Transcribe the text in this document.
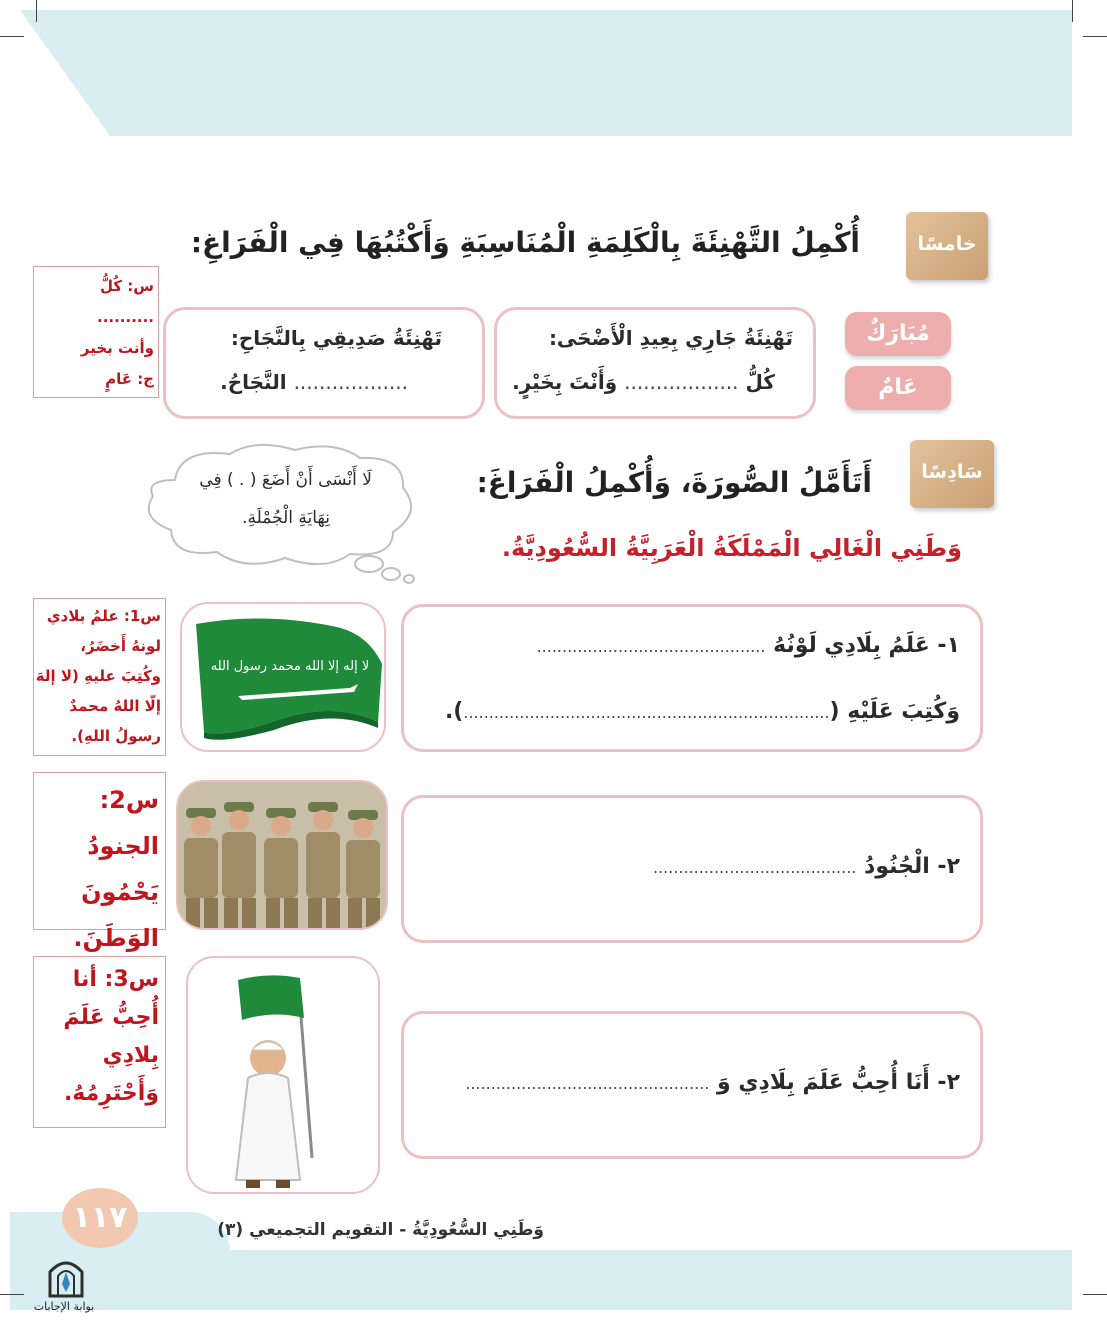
خامسًا
أُكْمِلُ التَّهْنِئَةَ بِالْكَلِمَةِ الْمُنَاسِبَةِ وَأَكْتُبُهَا فِي الْفَرَاغِ:
مُبَارَكٌ
عَامٌ
تَهْنِئَةُ جَارِي بِعِيدِ الْأَضْحَى:
كُلُّ .................. وَأَنْتَ بِخَيْرٍ.
تَهْنِئَةُ صَدِيقِي بِالنَّجَاحِ:
.................. النَّجَاحُ.
س: كُلُّ
..........
وأنت بخير
ج: عَامٍ
سَادِسًا
أَتَأَمَّلُ الصُّورَةَ، وَأُكْمِلُ الْفَرَاغَ:
لَا أَنْسَى أَنْ أَضَعَ ( . ) فِي
نِهَايَةِ الْجُمْلَةِ.
وَطَنِي الْغَالِي الْمَمْلَكَةُ الْعَرَبِيَّةُ السُّعُودِيَّةُ.
١- عَلَمُ بِلَادِي لَوْنُهُ .............................................
وَكُتِبَ عَلَيْهِ (........................................................................).
٢- الْجُنُودُ ........................................
٢- أَنَا أُحِبُّ عَلَمَ بِلَادِي وَ ................................................
لا إله إلا الله محمد رسول الله
س1: علمُ بلادي
لونهُ أَخضَرُ،
وكُتِبَ عليهِ (لا إلهَ
إلّا اللهُ محمدٌ
رسولُ اللهِ).
س2: الجنودُ
يَحْمُونَ
الوَطَنَ.
س3: أنا
أُحِبُّ عَلَمَ
بِلادِي
وَأَحْتَرِمُهُ.
١١٧	وَطَنِي السُّعُودِيَّةُ - التقويم التجميعي (٣)
بوابة الإجابات
